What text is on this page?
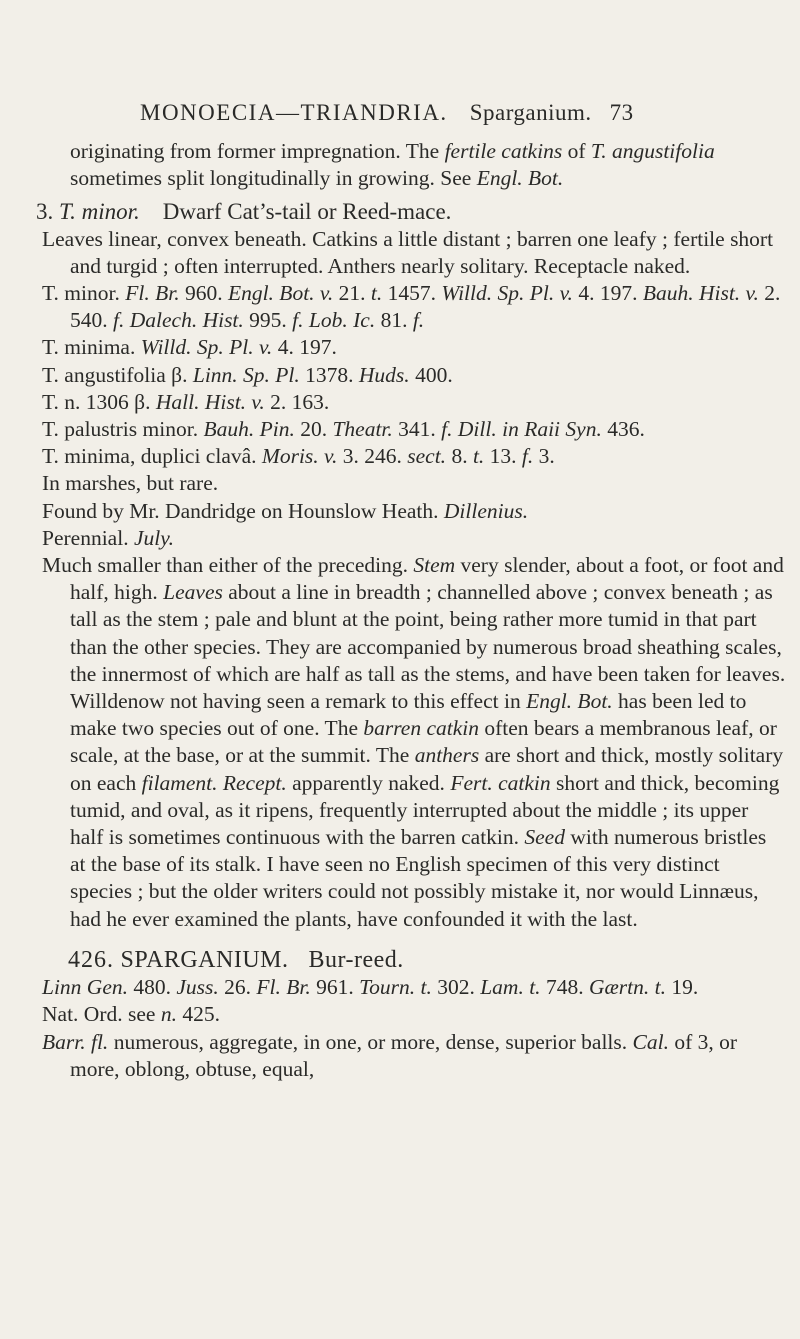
MONOECIA—TRIANDRIA. Sparganium. 73

originating from former impregnation. The fertile catkins of T. angustifolia sometimes split longitudinally in growing. See Engl. Bot.

3. T. minor. Dwarf Cat’s-tail or Reed-mace.

Leaves linear, convex beneath. Catkins a little distant ; barren one leafy ; fertile short and turgid ; often interrupted. Anthers nearly solitary. Receptacle naked.

T. minor. Fl. Br. 960. Engl. Bot. v. 21. t. 1457. Willd. Sp. Pl. v. 4. 197. Bauh. Hist. v. 2. 540. f. Dalech. Hist. 995. f. Lob. Ic. 81. f.

T. minima. Willd. Sp. Pl. v. 4. 197.

T. angustifolia β. Linn. Sp. Pl. 1378. Huds. 400.

T. n. 1306 β. Hall. Hist. v. 2. 163.

T. palustris minor. Bauh. Pin. 20. Theatr. 341. f. Dill. in Raii Syn. 436.

T. minima, duplici clavâ. Moris. v. 3. 246. sect. 8. t. 13. f. 3.

In marshes, but rare.

Found by Mr. Dandridge on Hounslow Heath. Dillenius.

Perennial. July.

Much smaller than either of the preceding. Stem very slender, about a foot, or foot and half, high. Leaves about a line in breadth ; channelled above ; convex beneath ; as tall as the stem ; pale and blunt at the point, being rather more tumid in that part than the other species. They are accompanied by numerous broad sheathing scales, the innermost of which are half as tall as the stems, and have been taken for leaves. Willdenow not having seen a remark to this effect in Engl. Bot. has been led to make two species out of one. The barren catkin often bears a membranous leaf, or scale, at the base, or at the summit. The anthers are short and thick, mostly solitary on each filament. Recept. apparently naked. Fert. catkin short and thick, becoming tumid, and oval, as it ripens, frequently interrupted about the middle ; its upper half is sometimes continuous with the barren catkin. Seed with numerous bristles at the base of its stalk. I have seen no English specimen of this very distinct species ; but the older writers could not possibly mistake it, nor would Linnæus, had he ever examined the plants, have confounded it with the last.

426. SPARGANIUM. Bur-reed.

Linn Gen. 480. Juss. 26. Fl. Br. 961. Tourn. t. 302. Lam. t. 748. Gærtn. t. 19.

Nat. Ord. see n. 425.

Barr. fl. numerous, aggregate, in one, or more, dense, superior balls. Cal. of 3, or more, oblong, obtuse, equal,
